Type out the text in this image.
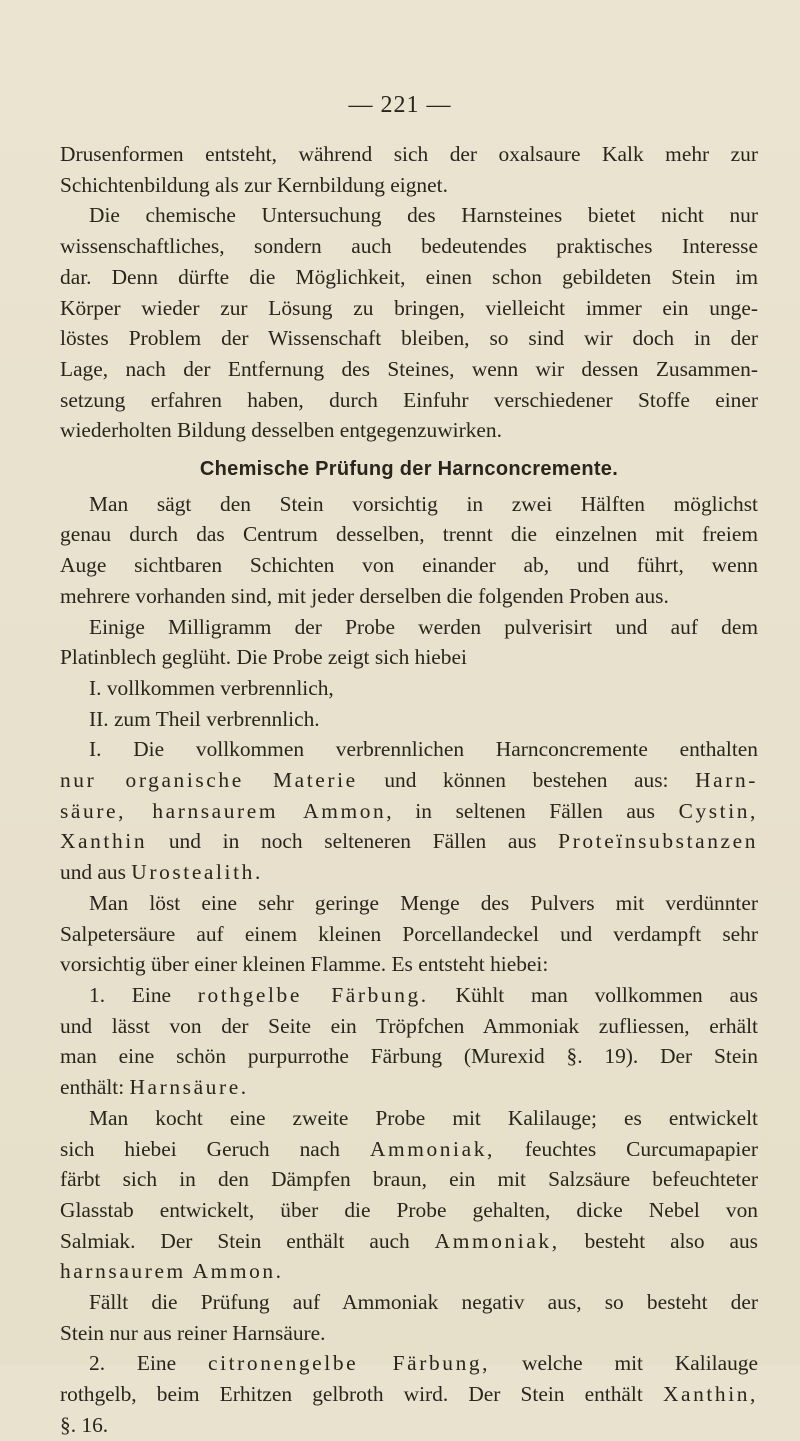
— 221 —

Drusenformen entsteht, während sich der oxalsaure Kalk mehr zur

Schichtenbildung als zur Kernbildung eignet.

Die chemische Untersuchung des Harnsteines bietet nicht nur

wissenschaftliches, sondern auch bedeutendes praktisches Interesse

dar. Denn dürfte die Möglichkeit, einen schon gebildeten Stein im

Körper wieder zur Lösung zu bringen, vielleicht immer ein unge-

löstes Problem der Wissenschaft bleiben, so sind wir doch in der

Lage, nach der Entfernung des Steines, wenn wir dessen Zusammen-

setzung erfahren haben, durch Einfuhr verschiedener Stoffe einer

wiederholten Bildung desselben entgegenzuwirken.

Chemische Prüfung der Harnconcremente.

Man sägt den Stein vorsichtig in zwei Hälften möglichst

genau durch das Centrum desselben, trennt die einzelnen mit freiem

Auge sichtbaren Schichten von einander ab, und führt, wenn

mehrere vorhanden sind, mit jeder derselben die folgenden Proben aus.

Einige Milligramm der Probe werden pulverisirt und auf dem

Platinblech geglüht. Die Probe zeigt sich hiebei

I. vollkommen verbrennlich,

II. zum Theil verbrennlich.

I. Die vollkommen verbrennlichen Harnconcremente enthalten

nur organische Materie und können bestehen aus: Harn-

säure, harnsaurem Ammon, in seltenen Fällen aus Cystin,

Xanthin und in noch selteneren Fällen aus Proteïnsubstanzen

und aus Urostealith.

Man löst eine sehr geringe Menge des Pulvers mit verdünnter

Salpetersäure auf einem kleinen Porcellandeckel und verdampft sehr

vorsichtig über einer kleinen Flamme. Es entsteht hiebei:

1. Eine rothgelbe Färbung. Kühlt man vollkommen aus

und lässt von der Seite ein Tröpfchen Ammoniak zufliessen, erhält

man eine schön purpurrothe Färbung (Murexid §. 19). Der Stein

enthält: Harnsäure.

Man kocht eine zweite Probe mit Kalilauge; es entwickelt

sich hiebei Geruch nach Ammoniak, feuchtes Curcumapapier

färbt sich in den Dämpfen braun, ein mit Salzsäure befeuchteter

Glasstab entwickelt, über die Probe gehalten, dicke Nebel von

Salmiak. Der Stein enthält auch Ammoniak, besteht also aus

harnsaurem Ammon.

Fällt die Prüfung auf Ammoniak negativ aus, so besteht der

Stein nur aus reiner Harnsäure.

2. Eine citronengelbe Färbung, welche mit Kalilauge

rothgelb, beim Erhitzen gelbroth wird. Der Stein enthält Xanthin,

§. 16.
